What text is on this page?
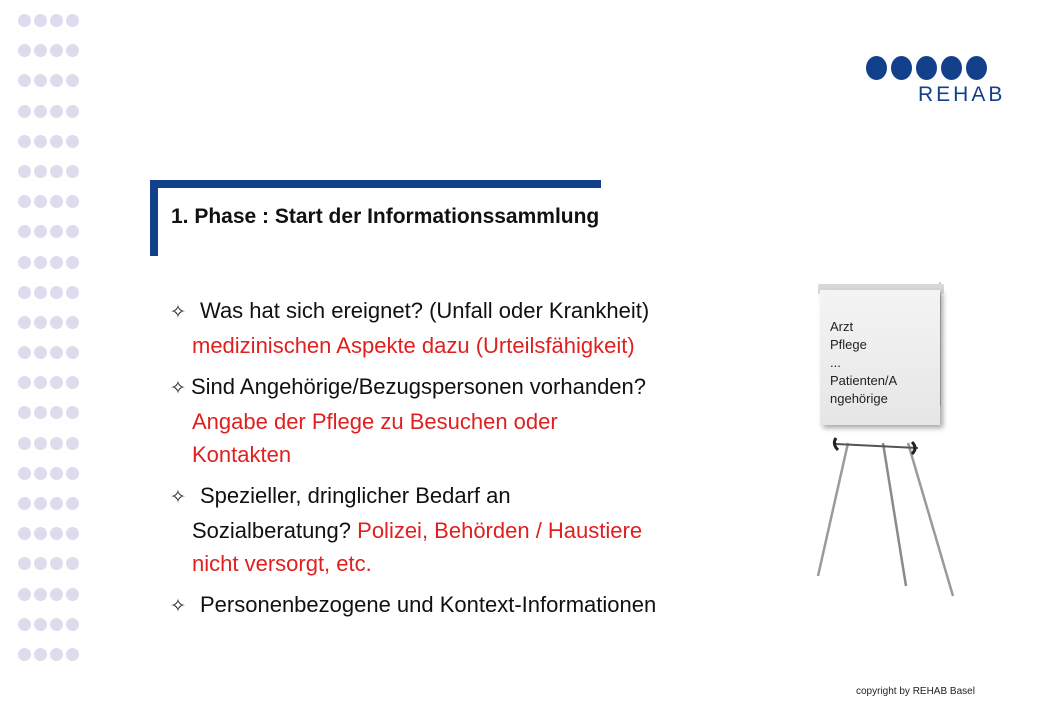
REHAB
1. Phase : Start der Informationssammlung
✧ Was hat sich ereignet? (Unfall oder Krankheit)
medizinischen Aspekte dazu (Urteilsfähigkeit)
✧ Sind Angehörige/Bezugspersonen vorhanden?
Angabe der Pflege zu Besuchen oder
Kontakten
✧ Spezieller, dringlicher Bedarf an
Sozialberatung? Polizei, Behörden / Haustiere
nicht versorgt, etc.
✧ Personenbezogene und Kontext-Informationen
Arzt
Pflege
...
Patienten/A
ngehörige
copyright by REHAB Basel
